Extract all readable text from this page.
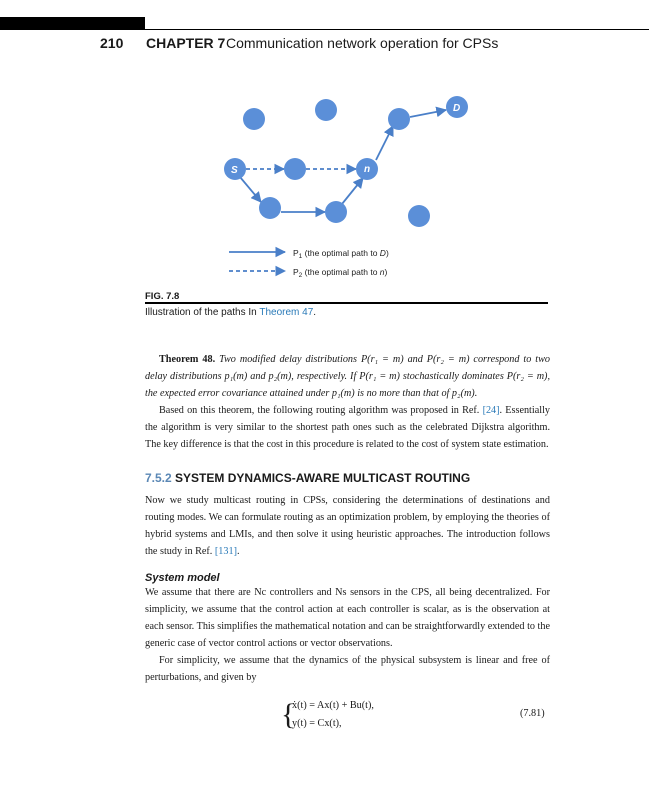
210 CHAPTER 7 Communication network operation for CPSs
S	n
D
$P_1$ (the optimal path to D)
$P_2$ (the optimal path to n)
FIG. 7.8
Illustration of the paths In Theorem 47.
Theorem 48. Two modified delay distributions P(r₁ = m) and P(r₂ = m) correspond to two delay distributions p₁(m) and p₂(m), respectively. If P(r₁ = m) stochastically dominates P(r₂ = m), the expected error covariance attained under p₁(m) is no more than that of p₂(m).
Based on this theorem, the following routing algorithm was proposed in Ref. [24]. Essentially the algorithm is very similar to the shortest path ones such as the celebrated Dijkstra algorithm. The key difference is that the cost in this procedure is related to the cost of system state estimation.
7.5.2 SYSTEM DYNAMICS-AWARE MULTICAST ROUTING
Now we study multicast routing in CPSs, considering the determinations of destinations and routing modes. We can formulate routing as an optimization problem, by employing the theories of hybrid systems and LMIs, and then solve it using heuristic approaches. The introduction follows the study in Ref. [131].
System model
We assume that there are Nc controllers and Ns sensors in the CPS, all being decentralized. For simplicity, we assume that the control action at each controller is scalar, as is the observation at each sensor. This simplifies the mathematical notation and can be straightforwardly extended to the generic case of vector control actions or vector observations.
For simplicity, we assume that the dynamics of the physical subsystem is linear and free of perturbations, and given by
{
ẋ(t) = Ax(t) + Bu(t),
y(t) = Cx(t),
(7.81)
